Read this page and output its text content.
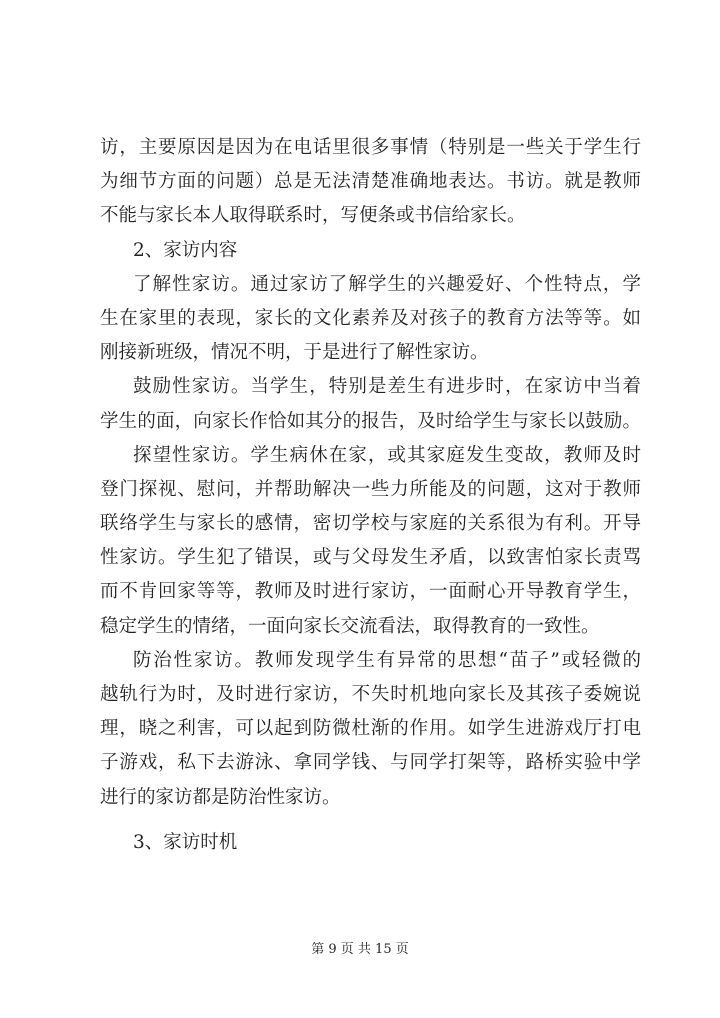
访，主要原因是因为在电话里很多事情（特别是一些关于学生行
为细节方面的问题）总是无法清楚准确地表达。书访。就是教师
不能与家长本人取得联系时，写便条或书信给家长。
2、家访内容
了解性家访。通过家访了解学生的兴趣爱好、个性特点，学
生在家里的表现，家长的文化素养及对孩子的教育方法等等。如
刚接新班级，情况不明，于是进行了解性家访。
鼓励性家访。当学生，特别是差生有进步时，在家访中当着
学生的面，向家长作恰如其分的报告，及时给学生与家长以鼓励。
探望性家访。学生病休在家，或其家庭发生变故，教师及时
登门探视、慰问，并帮助解决一些力所能及的问题，这对于教师
联络学生与家长的感情，密切学校与家庭的关系很为有利。开导
性家访。学生犯了错误，或与父母发生矛盾，以致害怕家长责骂
而不肯回家等等，教师及时进行家访，一面耐心开导教育学生，
稳定学生的情绪，一面向家长交流看法，取得教育的一致性。
防治性家访。教师发现学生有异常的思想“苗子”或轻微的
越轨行为时，及时进行家访，不失时机地向家长及其孩子委婉说
理，晓之利害，可以起到防微杜渐的作用。如学生进游戏厅打电
子游戏，私下去游泳、拿同学钱、与同学打架等，路桥实验中学
进行的家访都是防治性家访。
3、家访时机
第 9 页 共 15 页
